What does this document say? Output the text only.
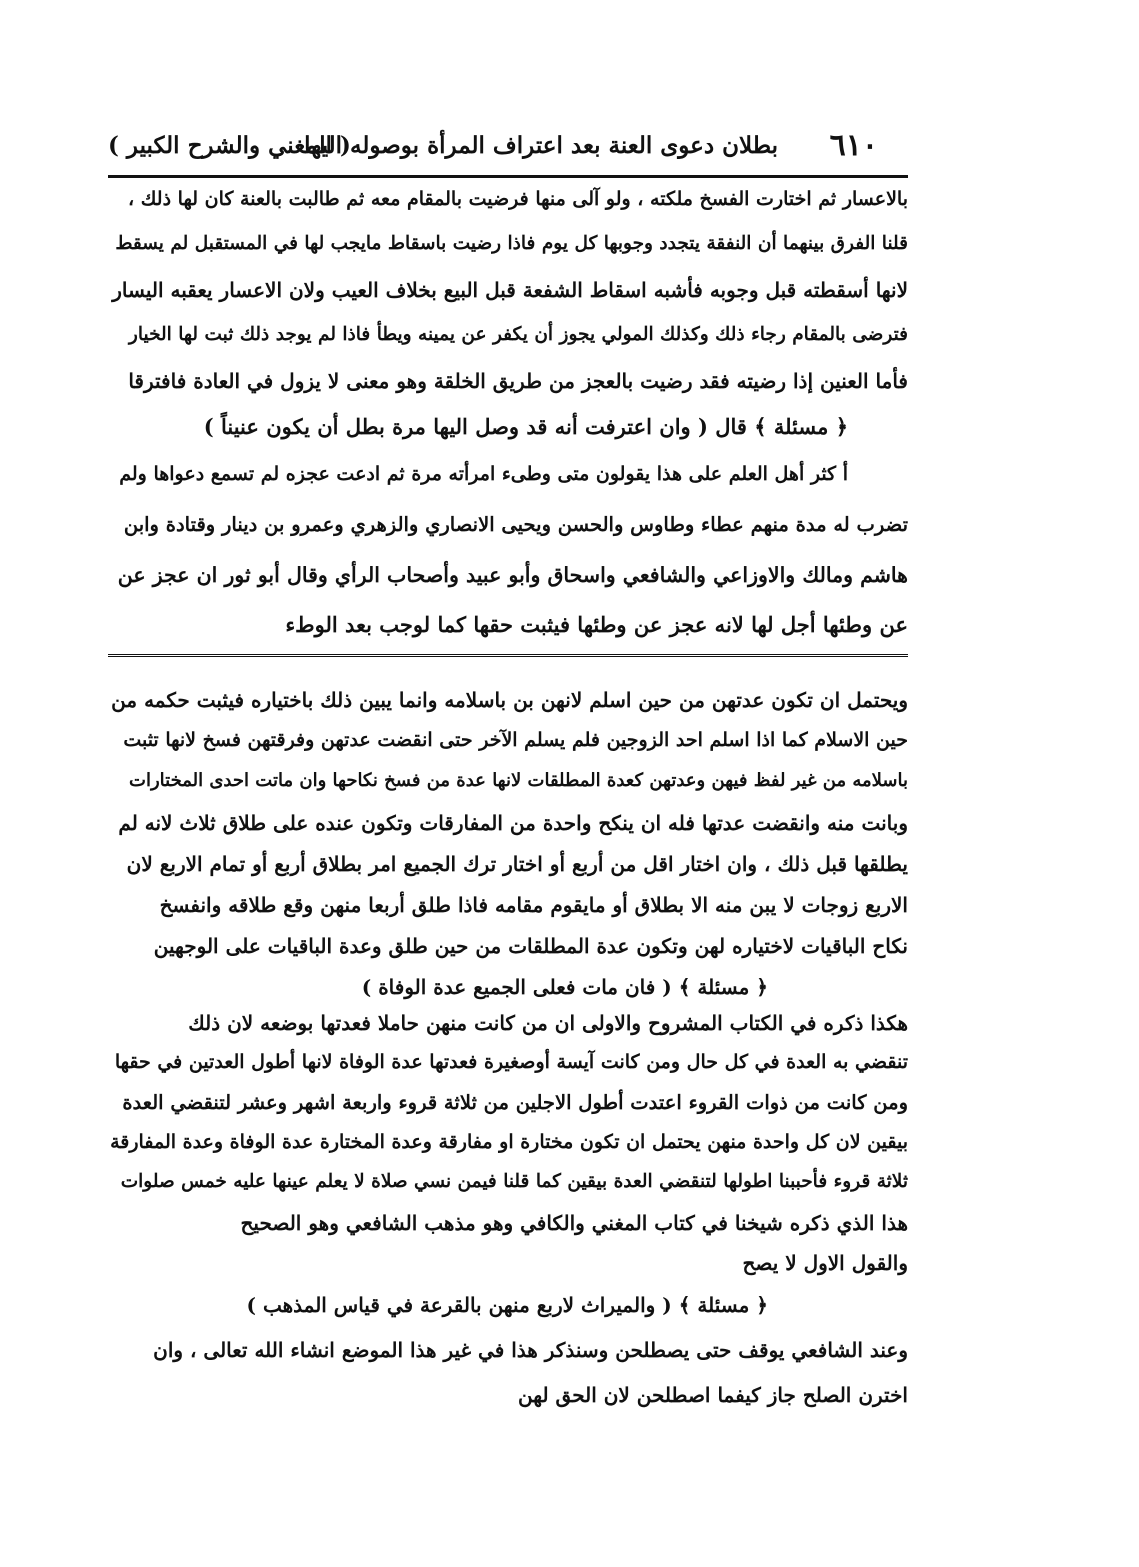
٦١٠
بطلان دعوى العنة بعد اعتراف المرأة بوصوله اليها
( المغني والشرح الكبير )
بالاعسار ثم اختارت الفسخ ملكته ، ولو آلى منها فرضيت بالمقام معه ثم طالبت بالعنة كان لها ذلك ،
قلنا الفرق بينهما أن النفقة يتجدد وجوبها كل يوم فاذا رضيت باسقاط مايجب لها في المستقبل لم يسقط
لانها أسقطته قبل وجوبه فأشبه اسقاط الشفعة قبل البيع بخلاف العيب ولان الاعسار يعقبه اليسار
فترضى بالمقام رجاء ذلك وكذلك المولي يجوز أن يكفر عن يمينه ويطأ فاذا لم يوجد ذلك ثبت لها الخيار
فأما العنين إذا رضيته فقد رضيت بالعجز من طريق الخلقة وهو معنى لا يزول في العادة فافترقا
﴿ مسئلة ﴾ قال ( وان اعترفت أنه قد وصل اليها مرة بطل أن يكون عنيناً )
أ كثر أهل العلم على هذا يقولون متى وطىء امرأته مرة ثم ادعت عجزه لم تسمع دعواها ولم
تضرب له مدة منهم عطاء وطاوس والحسن ويحيى الانصاري والزهري وعمرو بن دينار وقتادة وابن
هاشم ومالك والاوزاعي والشافعي واسحاق وأبو عبيد وأصحاب الرأي وقال أبو ثور ان عجز عن
عن وطئها أجل لها لانه عجز عن وطئها فيثبت حقها كما لوجب بعد الوطء
ويحتمل ان تكون عدتهن من حين اسلم لانهن بن باسلامه وانما يبين ذلك باختياره فيثبت حكمه من
حين الاسلام كما اذا اسلم احد الزوجين فلم يسلم الآخر حتى انقضت عدتهن وفرقتهن فسخ لانها تثبت
باسلامه من غير لفظ فيهن وعدتهن كعدة المطلقات لانها عدة من فسخ نكاحها وان ماتت احدى المختارات
وبانت منه وانقضت عدتها فله ان ينكح واحدة من المفارقات وتكون عنده على طلاق ثلاث لانه لم
يطلقها قبل ذلك ، وان اختار اقل من أربع أو اختار ترك الجميع امر بطلاق أربع أو تمام الاربع لان
الاربع زوجات لا يبن منه الا بطلاق أو مايقوم مقامه فاذا طلق أربعا منهن وقع طلاقه وانفسخ
نكاح الباقيات لاختياره لهن وتكون عدة المطلقات من حين طلق وعدة الباقيات على الوجهين
﴿ مسئلة ﴾ ( فان مات فعلى الجميع عدة الوفاة )
هكذا ذكره في الكتاب المشروح والاولى ان من كانت منهن حاملا فعدتها بوضعه لان ذلك
تنقضي به العدة في كل حال ومن كانت آيسة أوصغيرة فعدتها عدة الوفاة لانها أطول العدتين في حقها
ومن كانت من ذوات القروء اعتدت أطول الاجلين من ثلاثة قروء واربعة اشهر وعشر لتنقضي العدة
بيقين لان كل واحدة منهن يحتمل ان تكون مختارة او مفارقة وعدة المختارة عدة الوفاة وعدة المفارقة
ثلاثة قروء فأحببنا اطولها لتنقضي العدة بيقين كما قلنا فيمن نسي صلاة لا يعلم عينها عليه خمس صلوات
هذا الذي ذكره شيخنا في كتاب المغني والكافي وهو مذهب الشافعي وهو الصحيح
والقول الاول لا يصح
﴿ مسئلة ﴾ ( والميراث لاربع منهن بالقرعة في قياس المذهب )
وعند الشافعي يوقف حتى يصطلحن وسنذكر هذا في غير هذا الموضع انشاء الله تعالى ، وان
اخترن الصلح جاز كيفما اصطلحن لان الحق لهن
